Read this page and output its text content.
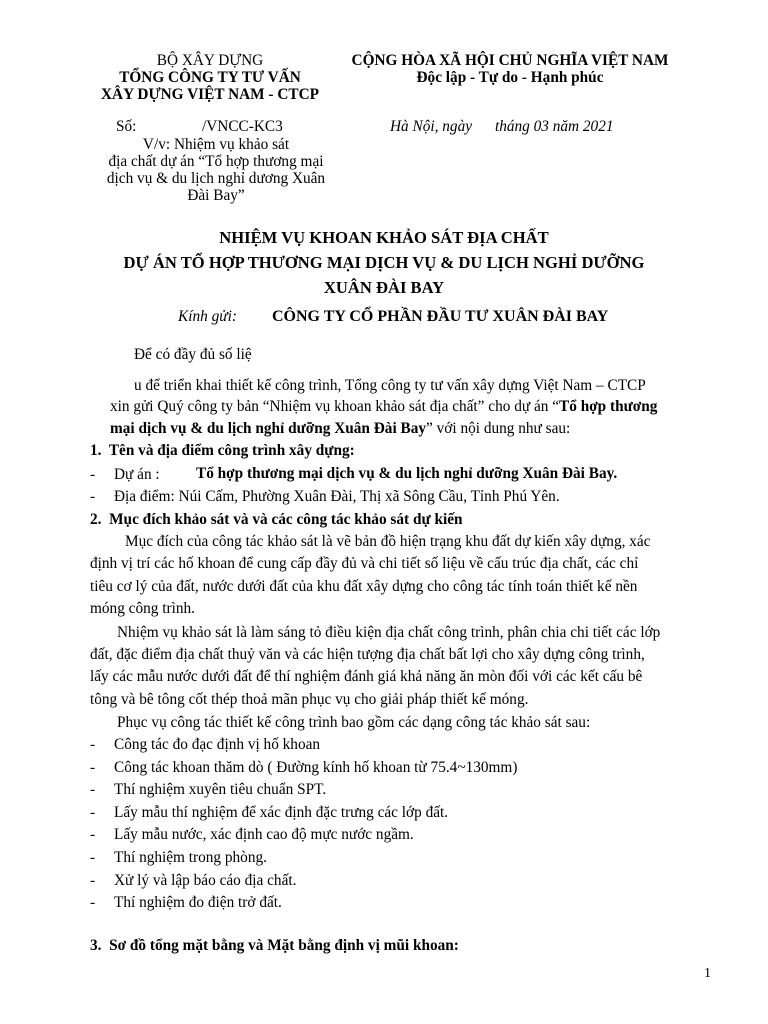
BỘ XÂY DỰNG
TỔNG CÔNG TY TƯ VẤN
XÂY DỰNG VIỆT NAM - CTCP
CỘNG HÒA XÃ HỘI CHỦ NGHĨA VIỆT NAM
Độc lập - Tự do - Hạnh phúc
Số:	/VNCC-KC3	Hà Nội, ngày      tháng 03 năm 2021
V/v: Nhiệm vụ khảo sát
địa chất dự án “Tổ hợp thương mại
dịch vụ & du lịch nghỉ dương Xuân
Đài Bay”
NHIỆM VỤ KHOAN KHẢO SÁT ĐỊA CHẤT
DỰ ÁN TỔ HỢP THƯƠNG MẠI DỊCH VỤ & DU LỊCH NGHỈ DƯỠNG
XUÂN ĐÀI BAY
Kính gửi: CÔNG TY CỔ PHẦN ĐẦU TƯ XUÂN ĐÀI BAY
Để có đầy đủ số liệ
u để triển khai thiết kế công trình, Tổng công ty tư vấn xây dựng Việt Nam – CTCP
xin gửi Quý công ty bản “Nhiệm vụ khoan khảo sát địa chất” cho dự án “Tổ hợp thương
mại dịch vụ & du lịch nghỉ dưỡng Xuân Đài Bay” với nội dung như sau:
1.  Tên và địa điểm công trình xây dựng:
- Dự án : Tổ hợp thương mại dịch vụ & du lịch nghỉ dưỡng Xuân Đài Bay.
- Địa điểm: Núi Cấm, Phường Xuân Đài, Thị xã Sông Cầu, Tỉnh Phú Yên.
2.  Mục đích khảo sát và và các công tác khảo sát dự kiến
Mục đích của công tác khảo sát là vẽ bản đồ hiện trạng khu đất dự kiến xây dựng, xác
định vị trí các hố khoan để cung cấp đầy đủ và chi tiết số liệu về cấu trúc địa chất, các chỉ
tiêu cơ lý của đất, nước dưới đất của khu đất xây dựng cho công tác tính toán thiết kế nền
móng công trình.
Nhiệm vụ khảo sát là làm sáng tỏ điều kiện địa chất công trình, phân chia chi tiết các lớp
đất, đặc điểm địa chất thuỷ văn và các hiện tượng địa chất bất lợi cho xây dựng công trình,
lấy các mẫu nước dưới đất để thí nghiệm đánh giá khả năng ăn mòn đối với các kết cấu bê
tông và bê tông cốt thép thoả mãn phục vụ cho giải pháp thiết kế móng.
Phục vụ công tác thiết kế công trình bao gồm các dạng công tác khảo sát sau:
- Công tác đo đạc định vị hố khoan
- Công tác khoan thăm dò ( Đường kính hố khoan từ 75.4~130mm)
- Thí nghiệm xuyên tiêu chuẩn SPT.
- Lấy mẫu thí nghiệm để xác định đặc trưng các lớp đất.
- Lấy mẫu nước, xác định cao độ mực nước ngầm.
- Thí nghiệm trong phòng.
- Xử lý và lập báo cáo địa chất.
- Thí nghiệm đo điện trở đất.
3.  Sơ đồ tổng mặt bằng và Mặt bằng định vị mũi khoan:
1
